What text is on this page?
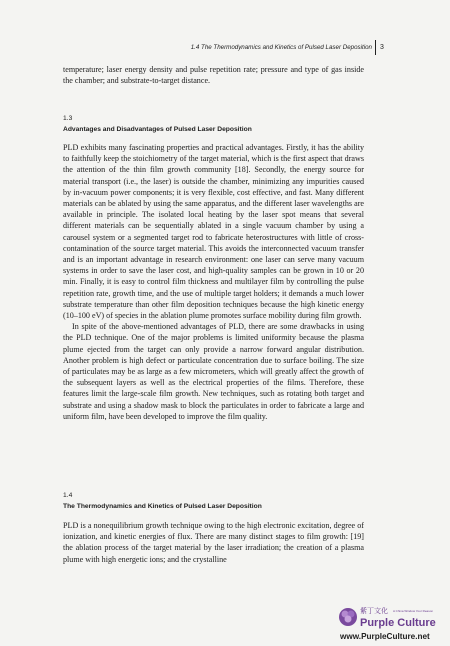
1.4 The Thermodynamics and Kinetics of Pulsed Laser Deposition 3

temperature; laser energy density and pulse repetition rate; pressure and type of gas inside the chamber; and substrate-to-target distance.

1.3
Advantages and Disadvantages of Pulsed Laser Deposition

PLD exhibits many fascinating properties and practical advantages. Firstly, it has the ability to faithfully keep the stoichiometry of the target material, which is the first aspect that draws the attention of the thin film growth community [18]. Secondly, the energy source for material transport (i.e., the laser) is outside the chamber, minimizing any impurities caused by in-vacuum power components; it is very flexible, cost effective, and fast. Many different materials can be ablated by using the same apparatus, and the different laser wavelengths are available in principle. The isolated local heating by the laser spot means that several different materials can be sequentially ablated in a single vacuum chamber by using a carousel system or a segmented target rod to fabricate heterostructures with little of cross-contamination of the source target material. This avoids the interconnected vacuum transfer and is an important advantage in research environment: one laser can serve many vacuum systems in order to save the laser cost, and high-quality samples can be grown in 10 or 20 min. Finally, it is easy to control film thickness and multilayer film by controlling the pulse repetition rate, growth time, and the use of multiple target holders; it demands a much lower substrate temperature than other film deposition techniques because the high kinetic energy (10–100 eV) of species in the ablation plume promotes surface mobility during film growth.

In spite of the above-mentioned advantages of PLD, there are some drawbacks in using the PLD technique. One of the major problems is limited uniformity because the plasma plume ejected from the target can only provide a narrow forward angular distribution. Another problem is high defect or particulate concentration due to surface boiling. The size of particulates may be as large as a few micrometers, which will greatly affect the growth of the subsequent layers as well as the electrical properties of the films. Therefore, these features limit the large-scale film growth. New techniques, such as rotating both target and substrate and using a shadow mask to block the particulates in order to fabricate a large and uniform film, have been developed to improve the film quality.

1.4
The Thermodynamics and Kinetics of Pulsed Laser Deposition

PLD is a nonequilibrium growth technique owing to the high electronic excitation, degree of ionization, and kinetic energies of flux. There are many distinct stages to film growth: [19] the ablation process of the target material by the laser irradiation; the creation of a plasma plume with high energetic ions; and the crystalline

紫丁文化 A China Window Your Reason
Purple Culture
www.PurpleCulture.net
